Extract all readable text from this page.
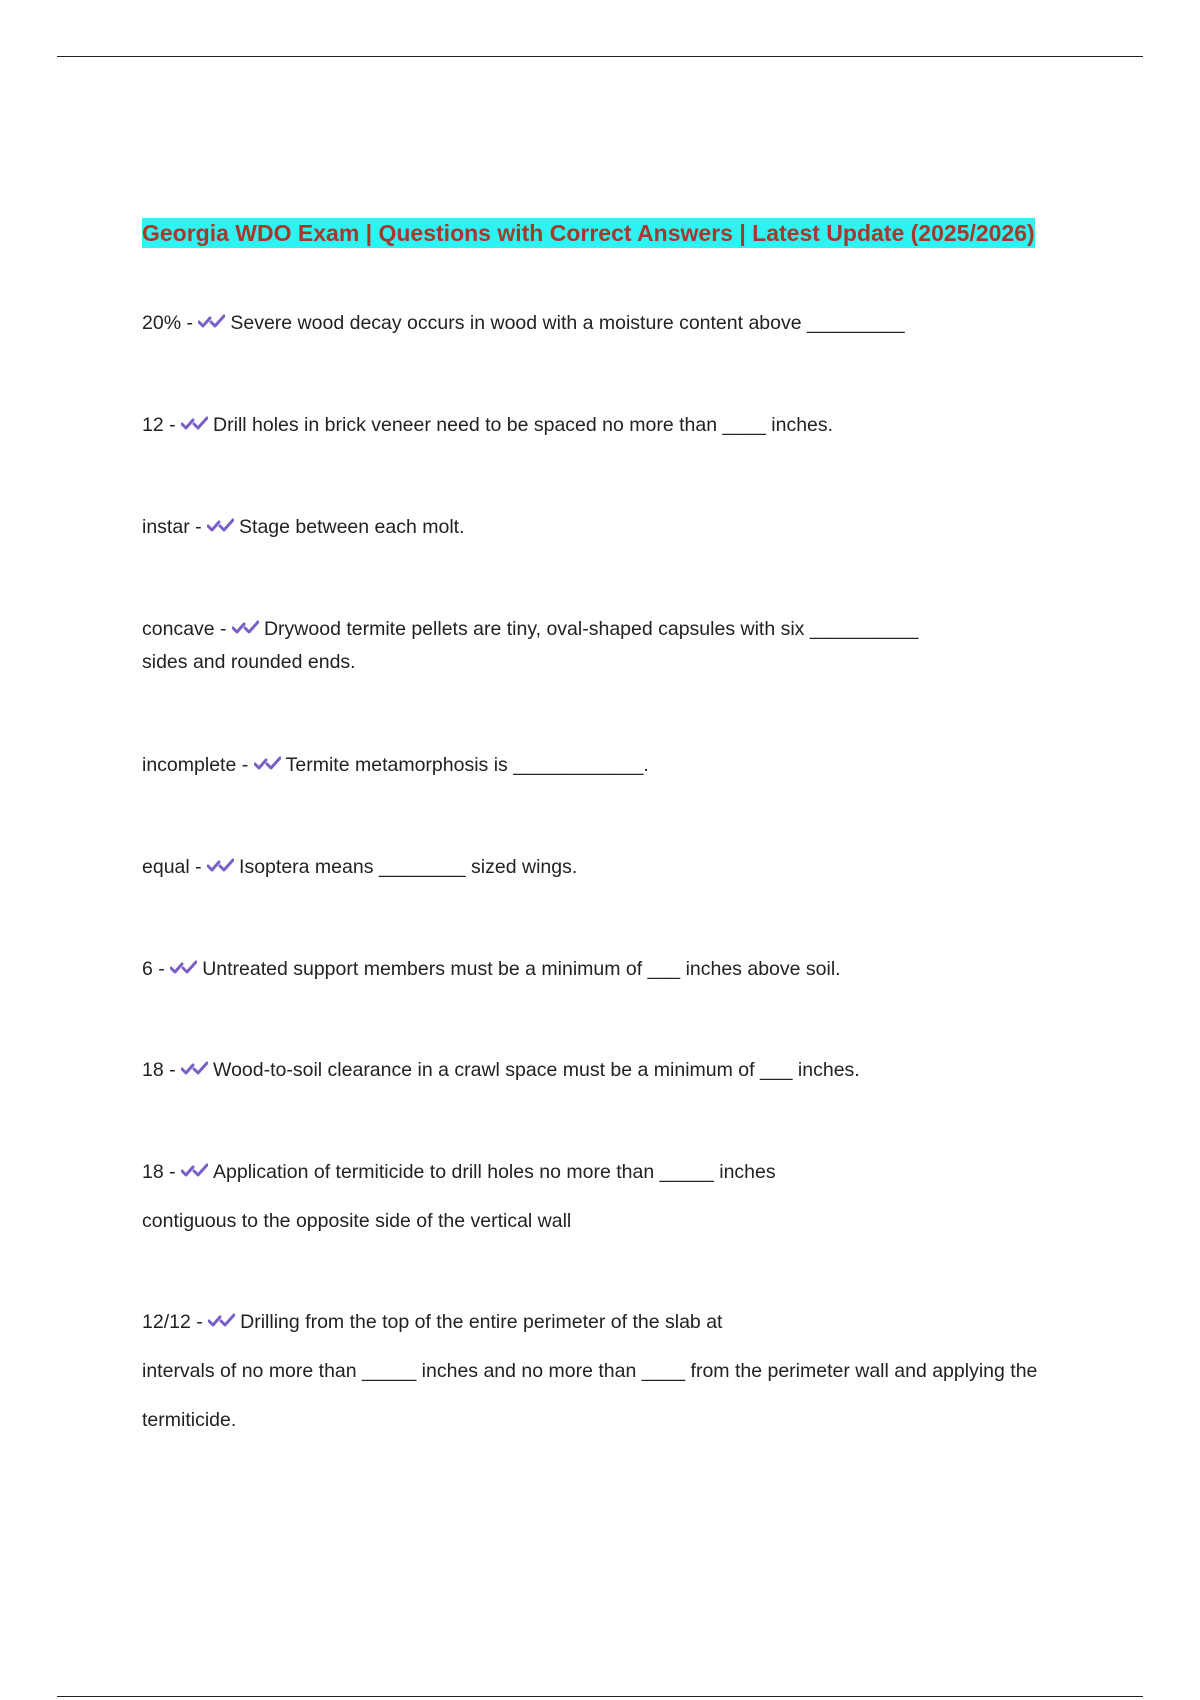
Georgia WDO Exam | Questions with Correct Answers | Latest Update (2025/2026)

20% -
Severe wood decay occurs in wood with a moisture content above _________

12 -
Drill holes in brick veneer need to be spaced no more than ____ inches.

instar -
Stage between each molt.

concave -
Drywood termite pellets are tiny, oval-shaped capsules with six __________
sides and rounded ends.

incomplete -
Termite metamorphosis is ____________.

equal -
Isoptera means ________ sized wings.

6 -
Untreated support members must be a minimum of ___ inches above soil.

18 -
Wood-to-soil clearance in a crawl space must be a minimum of ___ inches.

18 -
Application of termiticide to drill holes no more than _____ inches
contiguous to the opposite side of the vertical wall

12/12 -
Drilling from the top of the entire perimeter of the slab at
intervals of no more than _____ inches and no more than ____ from the perimeter wall and applying the
termiticide.
